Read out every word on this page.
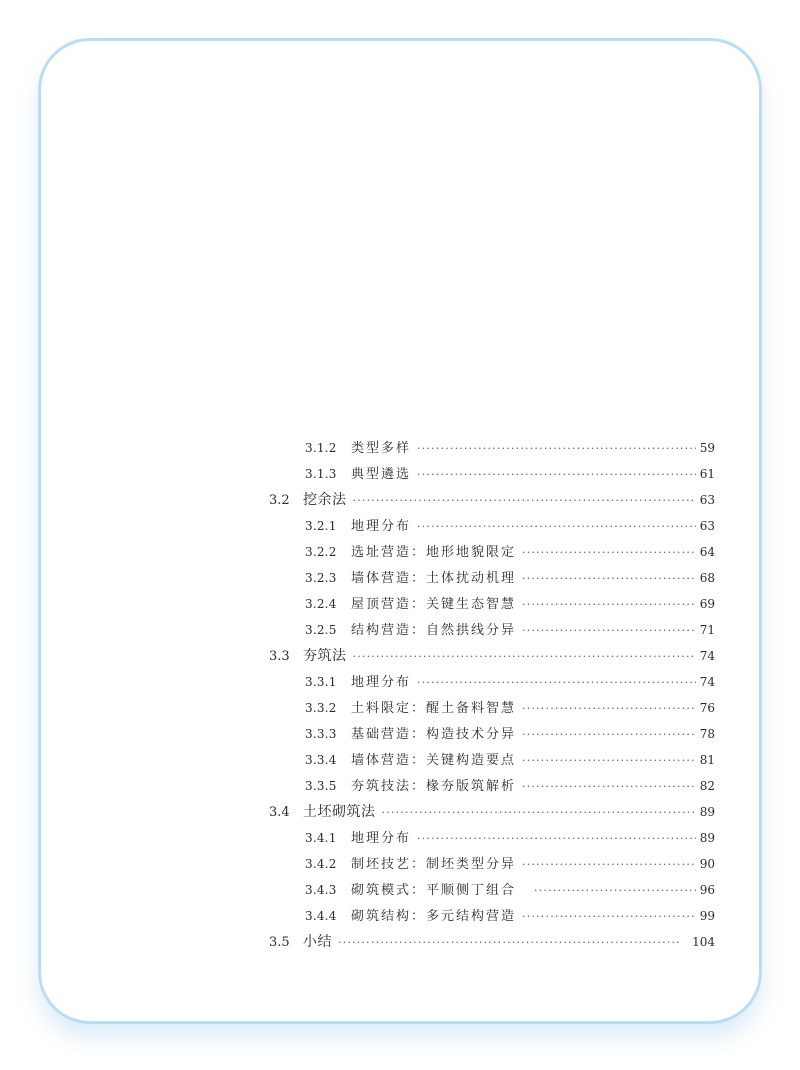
3.1.2	类型多样 ·····	59
3.1.3	典型遴选 ·····	61
3.2 挖余法 ·····	63
3.2.1	地理分布 ·····	63
3.2.2	选址营造：地形地貌限定 ·····	64
3.2.3	墙体营造：土体扰动机理 ·····	68
3.2.4	屋顶营造：关键生态智慧 ·····	69
3.2.5	结构营造：自然拱线分异 ·····	71
3.3 夯筑法 ·····	74
3.3.1	地理分布 ·····	74
3.3.2	土料限定：醒土备料智慧 ·····	76
3.3.3	基础营造：构造技术分异 ·····	78
3.3.4	墙体营造：关键构造要点 ·····	81
3.3.5	夯筑技法：椽夯版筑解析 ·····	82
3.4 土坯砌筑法 ·····	89
3.4.1	地理分布 ·····	89
3.4.2	制坯技艺：制坯类型分异 ·····	90
3.4.3	砌筑模式：平顺侧丁组合 ·····	96
3.4.4	砌筑结构：多元结构营造 ·····	99
3.5 小结 ·····	104
